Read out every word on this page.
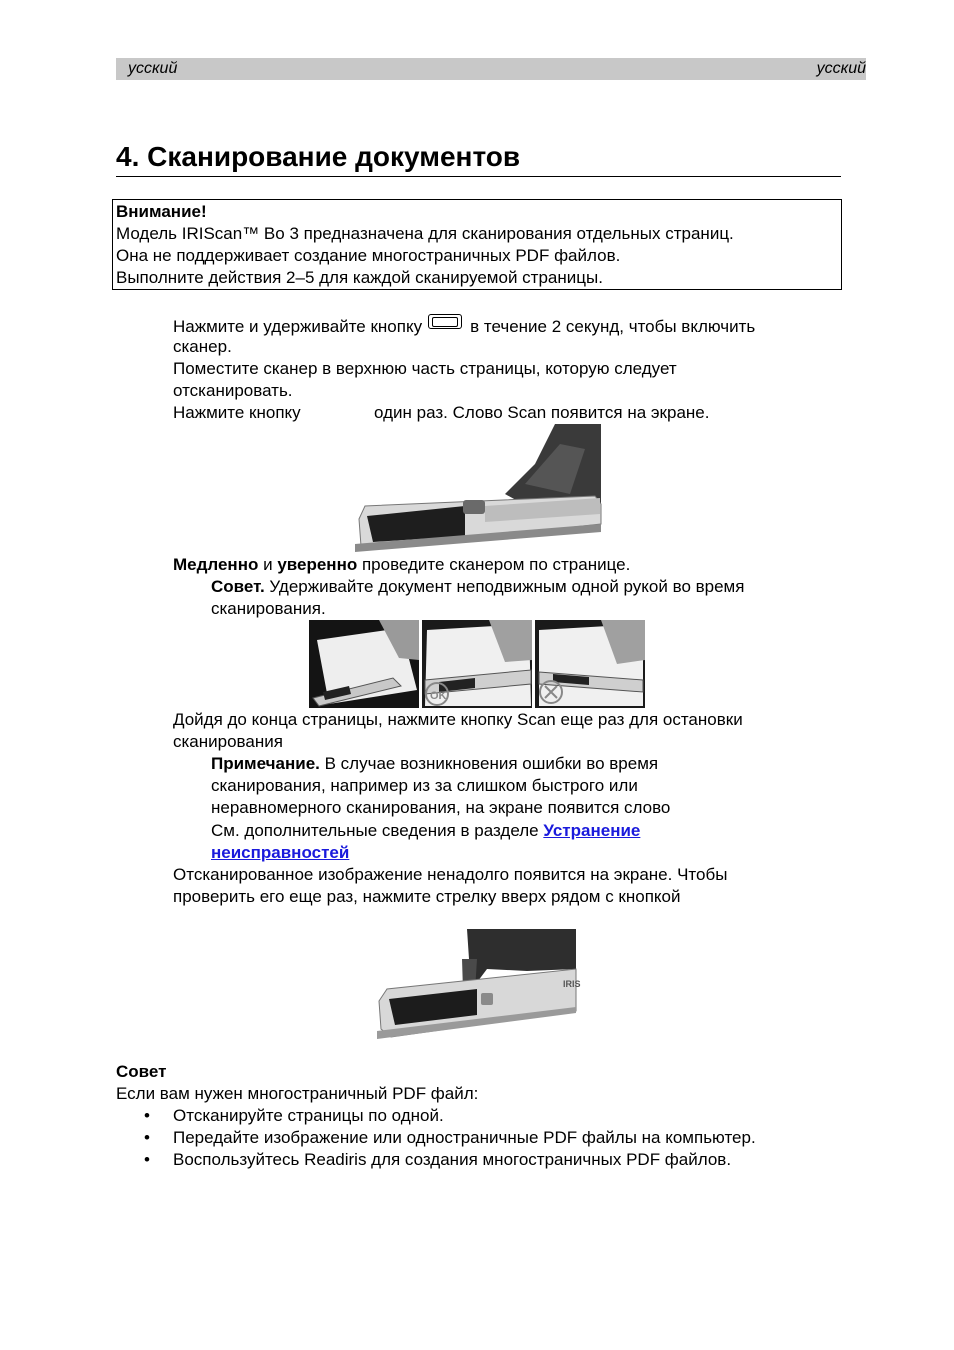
усский	усский
4. Сканирование документов
Внимание!
Модель IRIScan™ Bo 3 предназначена для сканирования отдельных страниц.
Она не поддерживает создание многостраничных PDF файлов.
Выполните действия 2–5 для каждой сканируемой страницы.
Нажмите и удерживайте кнопку	в течение 2 секунд, чтобы включить
сканер.
Поместите сканер в верхнюю часть страницы, которую следует
отсканировать.
Нажмите кнопку	один раз. Слово Scan появится на экране.
Медленно и уверенно проведите сканером по странице.
Совет. Удерживайте документ неподвижным одной рукой во время
сканирования.
OK
Дойдя до конца страницы, нажмите кнопку Scan еще раз для остановки
сканирования
Примечание. В случае возникновения ошибки во время
сканирования, например из за слишком быстрого или
неравномерного сканирования, на экране появится слово
См. дополнительные сведения в разделе Устранение
неисправностей
Отсканированное изображение ненадолго появится на экране. Чтобы
проверить его еще раз, нажмите стрелку вверх рядом с кнопкой
IRIS
Совет
Если вам нужен многостраничный PDF файл:
• Отсканируйте страницы по одной.
• Передайте изображение или одностраничные PDF файлы на компьютер.
• Воспользуйтесь Readiris для создания многостраничных PDF файлов.
